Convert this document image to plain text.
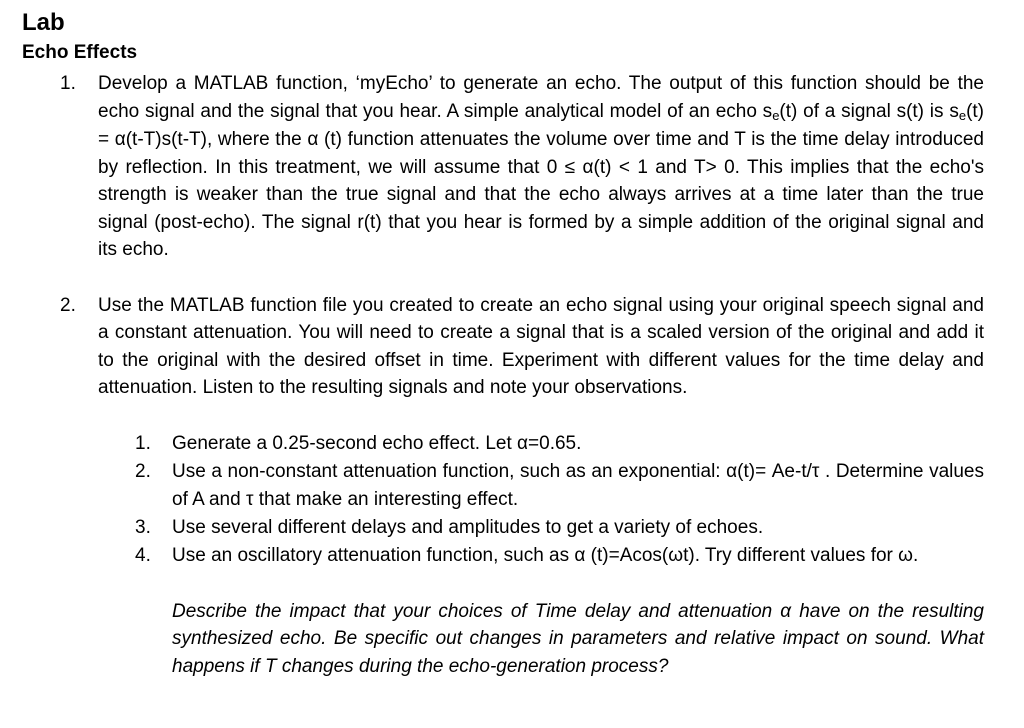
Lab
Echo Effects
1. Develop a MATLAB function, ‘myEcho’ to generate an echo. The output of this function should be the echo signal and the signal that you hear. A simple analytical model of an echo $s_e(t)$ of a signal s(t) is $s_e(t) = \alpha(t-T)s(t-T)$, where the α (t) function attenuates the volume over time and T is the time delay introduced by reflection. In this treatment, we will assume that 0 ≤ α(t) < 1 and T> 0. This implies that the echo's strength is weaker than the true signal and that the echo always arrives at a time later than the true signal (post-echo). The signal r(t) that you hear is formed by a simple addition of the original signal and its echo.
2. Use the MATLAB function file you created to create an echo signal using your original speech signal and a constant attenuation. You will need to create a signal that is a scaled version of the original and add it to the original with the desired offset in time. Experiment with different values for the time delay and attenuation. Listen to the resulting signals and note your observations.
1. Generate a 0.25-second echo effect. Let α=0.65.
2. Use a non-constant attenuation function, such as an exponential: α(t)= Ae-t/τ . Determine values of A and τ that make an interesting effect.
3. Use several different delays and amplitudes to get a variety of echoes.
4. Use an oscillatory attenuation function, such as α (t)=Acos(ωt). Try different values for ω.
Describe the impact that your choices of Time delay and attenuation α have on the resulting synthesized echo. Be specific out changes in parameters and relative impact on sound. What happens if T changes during the echo-generation process?
